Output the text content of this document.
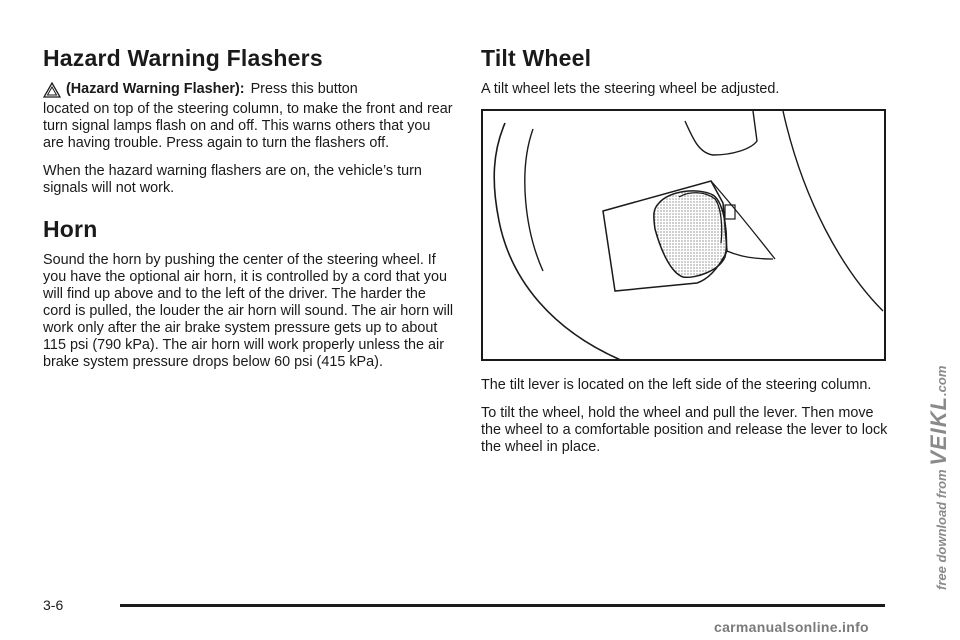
Hazard Warning Flashers

(Hazard Warning Flasher): Press this button

located on top of the steering column, to make the front and rear turn signal lamps flash on and off. This warns others that you are having trouble. Press again to turn the flashers off.

When the hazard warning flashers are on, the vehicle’s turn signals will not work.

Horn

Sound the horn by pushing the center of the steering wheel. If you have the optional air horn, it is controlled by a cord that you will find up above and to the left of the driver. The harder the cord is pulled, the louder the air horn will sound. The air horn will work only after the air brake system pressure gets up to about 115 psi (790 kPa). The air horn will work properly unless the air brake system pressure drops below 60 psi (415 kPa).

Tilt Wheel

A tilt wheel lets the steering wheel be adjusted.

The tilt lever is located on the left side of the steering column.

To tilt the wheel, hold the wheel and pull the lever. Then move the wheel to a comfortable position and release the lever to lock the wheel in place.

3-6
free download from VEIKL.com
carmanualsonline.info
